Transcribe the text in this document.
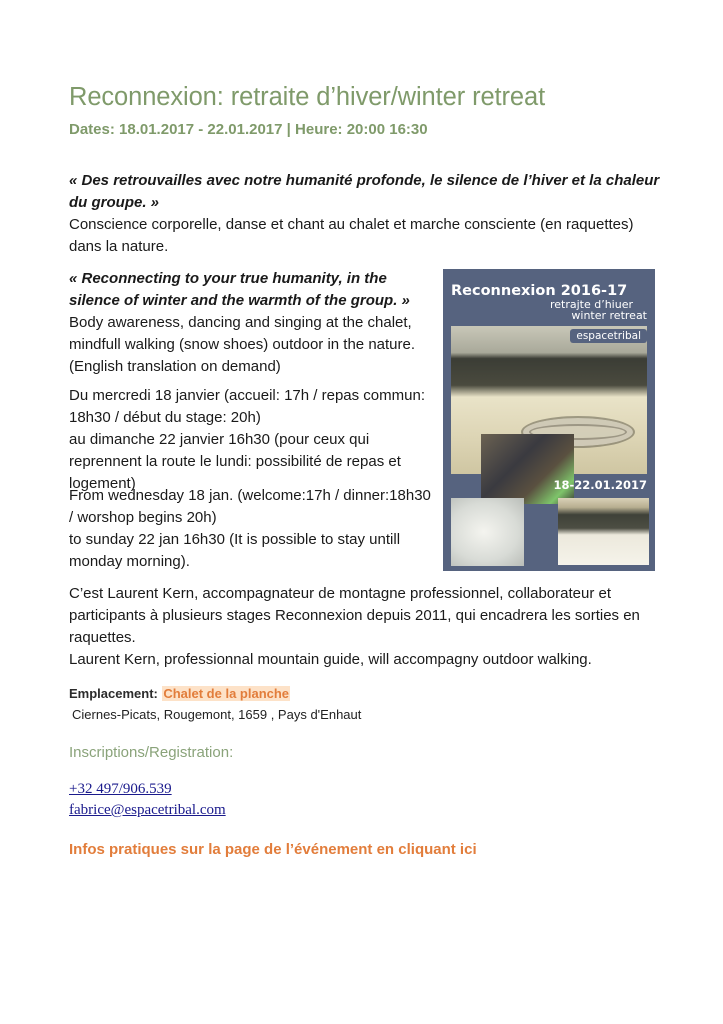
Reconnexion: retraite d’hiver/winter retreat
Dates: 18.01.2017 - 22.01.2017 | Heure: 20:00 16:30
« Des retrouvailles avec notre humanité profonde, le silence de l’hiver et la chaleur
du groupe. »
Conscience corporelle, danse et chant au chalet et marche consciente (en raquettes) dans la nature.
« Reconnecting to your true humanity, in the silence of winter and the warmth of the group. »
Body awareness, dancing and singing at the chalet, mindfull walking (snow shoes) outdoor in the nature.
(English translation on demand)
Du mercredi 18 janvier (accueil: 17h / repas commun: 18h30 / début du stage: 20h)
au dimanche 22 janvier 16h30 (pour ceux qui reprennent la route le lundi: possibilité de repas et logement)
From wednesday 18 jan. (welcome:17h / dinner:18h30 / worshop begins 20h)
to sunday 22 jan 16h30 (It is possible to stay untill monday morning).
C’est Laurent Kern, accompagnateur de montagne professionnel, collaborateur et participants à plusieurs stages Reconnexion depuis 2011, qui encadrera les sorties en raquettes.
Laurent Kern, professionnal mountain guide, will accompagny outdoor walking.
Emplacement: Chalet de la planche
Ciernes-Picats, Rougemont, 1659 , Pays d'Enhaut
Inscriptions/Registration:
+32 497/906.539
fabrice@espacetribal.com
Infos pratiques sur la page de l’événement en cliquant ici
Reconnexion 2016-17
retrajte d’hiuer
winter retreat
espacetribal
18-22.01.2017
